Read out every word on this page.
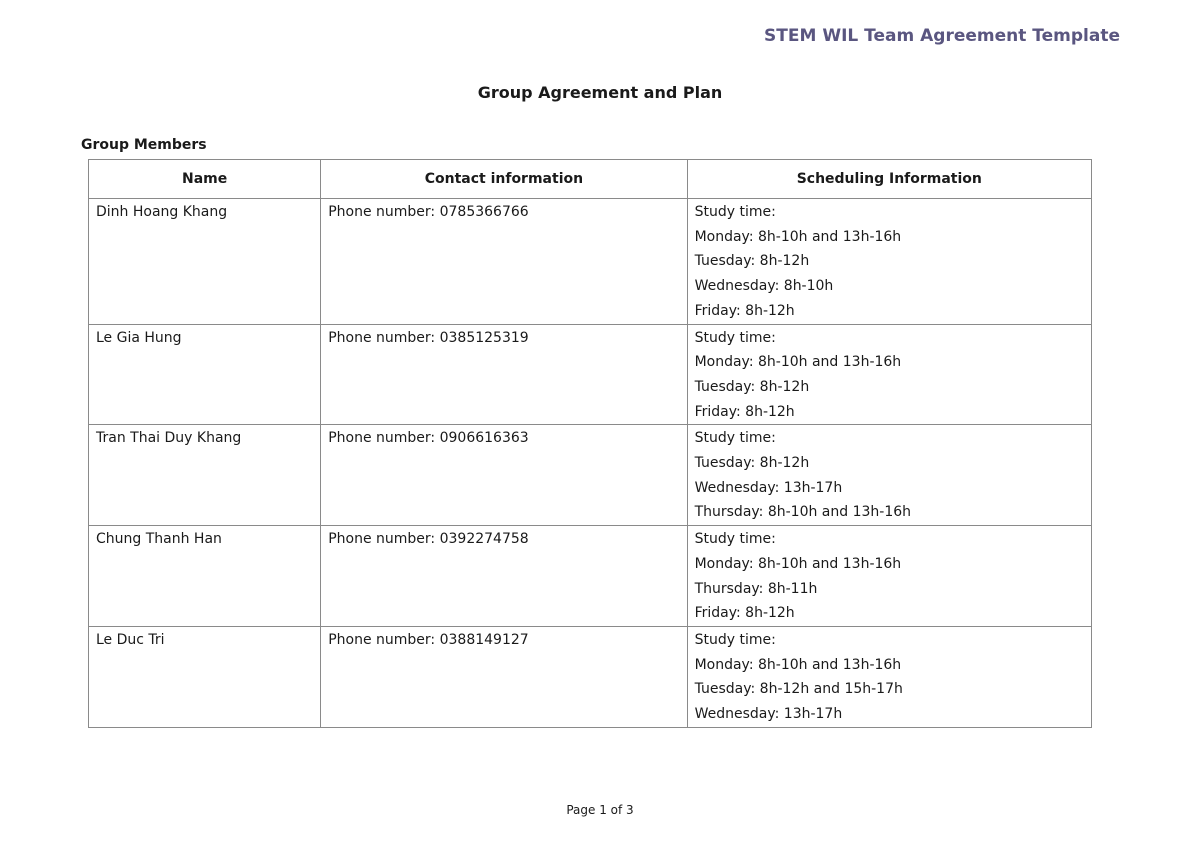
STEM WIL Team Agreement Template
Group Agreement and Plan
Group Members
Name	Contact information	Scheduling Information
Dinh Hoang Khang	Phone number: 0785366766	Study time:
Monday: 8h-10h and 13h-16h
Tuesday: 8h-12h
Wednesday: 8h-10h
Friday: 8h-12h

Le Gia Hung	Phone number: 0385125319	Study time:
Monday: 8h-10h and 13h-16h
Tuesday: 8h-12h
Friday: 8h-12h

Tran Thai Duy Khang	Phone number: 0906616363	Study time:
Tuesday: 8h-12h
Wednesday: 13h-17h
Thursday: 8h-10h and 13h-16h

Chung Thanh Han	Phone number: 0392274758	Study time:
Monday: 8h-10h and 13h-16h
Thursday: 8h-11h
Friday: 8h-12h

Le Duc Tri	Phone number: 0388149127	Study time:
Monday: 8h-10h and 13h-16h
Tuesday: 8h-12h and 15h-17h
Wednesday: 13h-17h
Page 1 of 3
